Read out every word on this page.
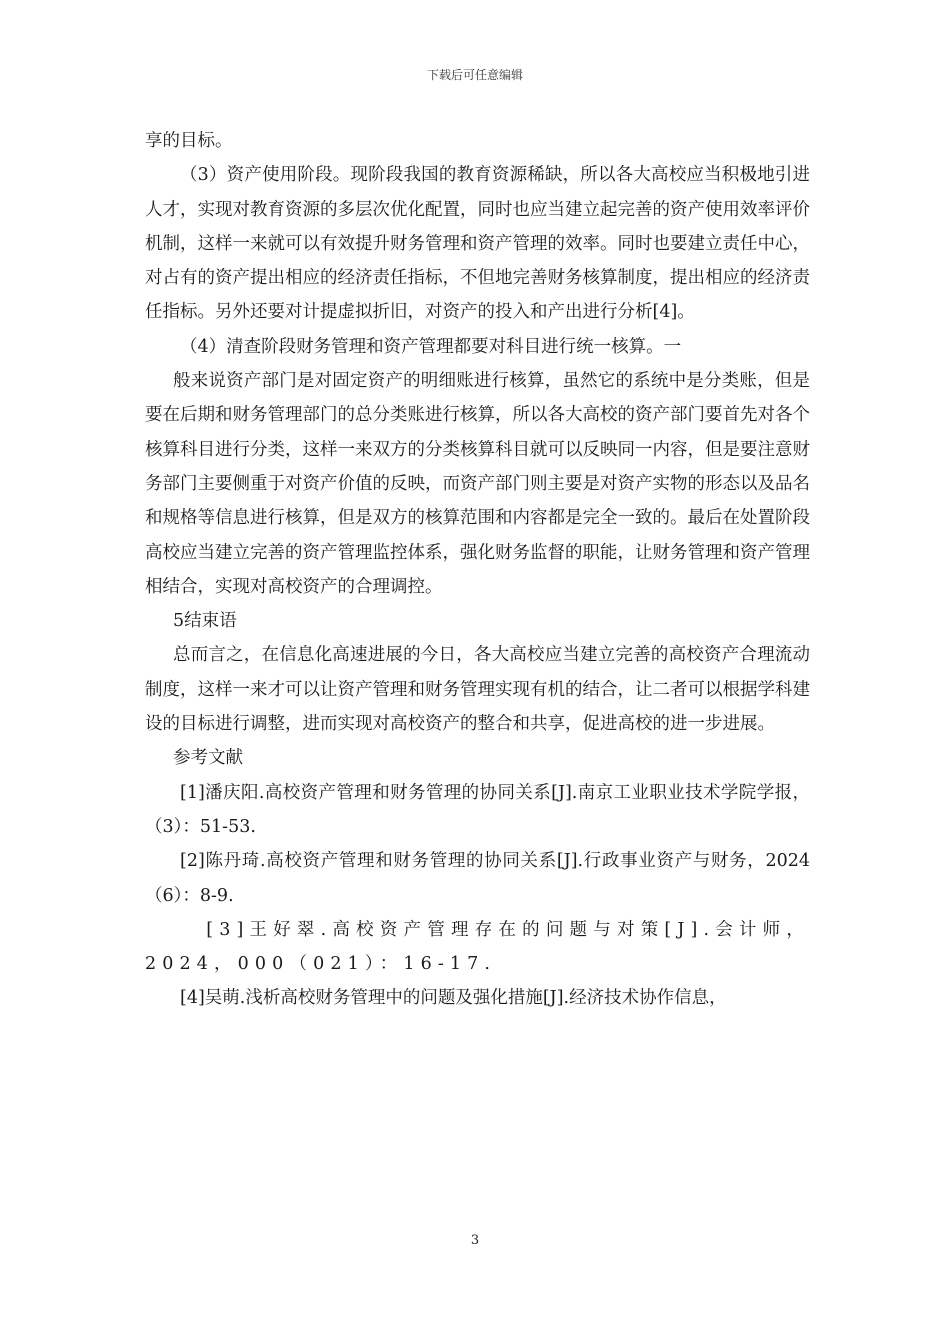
下载后可任意编辑

享的目标。

（3）资产使用阶段。现阶段我国的教育资源稀缺，所以各大高校应当积极地引进人才，实现对教育资源的多层次优化配置，同时也应当建立起完善的资产使用效率评价机制，这样一来就可以有效提升财务管理和资产管理的效率。同时也要建立责任中心，对占有的资产提出相应的经济责任指标，不但地完善财务核算制度，提出相应的经济责任指标。另外还要对计提虚拟折旧，对资产的投入和产出进行分析[4]。

（4）清查阶段财务管理和资产管理都要对科目进行统一核算。一

般来说资产部门是对固定资产的明细账进行核算，虽然它的系统中是分类账，但是要在后期和财务管理部门的总分类账进行核算，所以各大高校的资产部门要首先对各个核算科目进行分类，这样一来双方的分类核算科目就可以反映同一内容，但是要注意财务部门主要侧重于对资产价值的反映，而资产部门则主要是对资产实物的形态以及品名和规格等信息进行核算，但是双方的核算范围和内容都是完全一致的。最后在处置阶段高校应当建立完善的资产管理监控体系，强化财务监督的职能，让财务管理和资产管理相结合，实现对高校资产的合理调控。

5结束语

总而言之，在信息化高速进展的今日，各大高校应当建立完善的高校资产合理流动制度，这样一来才可以让资产管理和财务管理实现有机的结合，让二者可以根据学科建设的目标进行调整，进而实现对高校资产的整合和共享，促进高校的进一步进展。

参考文献

[1]潘庆阳.高校资产管理和财务管理的协同关系[J].南京工业职业技术学院学报，（3）：51-53.

[2]陈丹琦.高校资产管理和财务管理的协同关系[J].行政事业资产与财务，2024（6）：8-9.

[3]王好翠.高校资产管理存在的问题与对策[J].会计师，2024，000（021）：16-17.

[4]吴萌.浅析高校财务管理中的问题及强化措施[J].经济技术协作信息，

3
